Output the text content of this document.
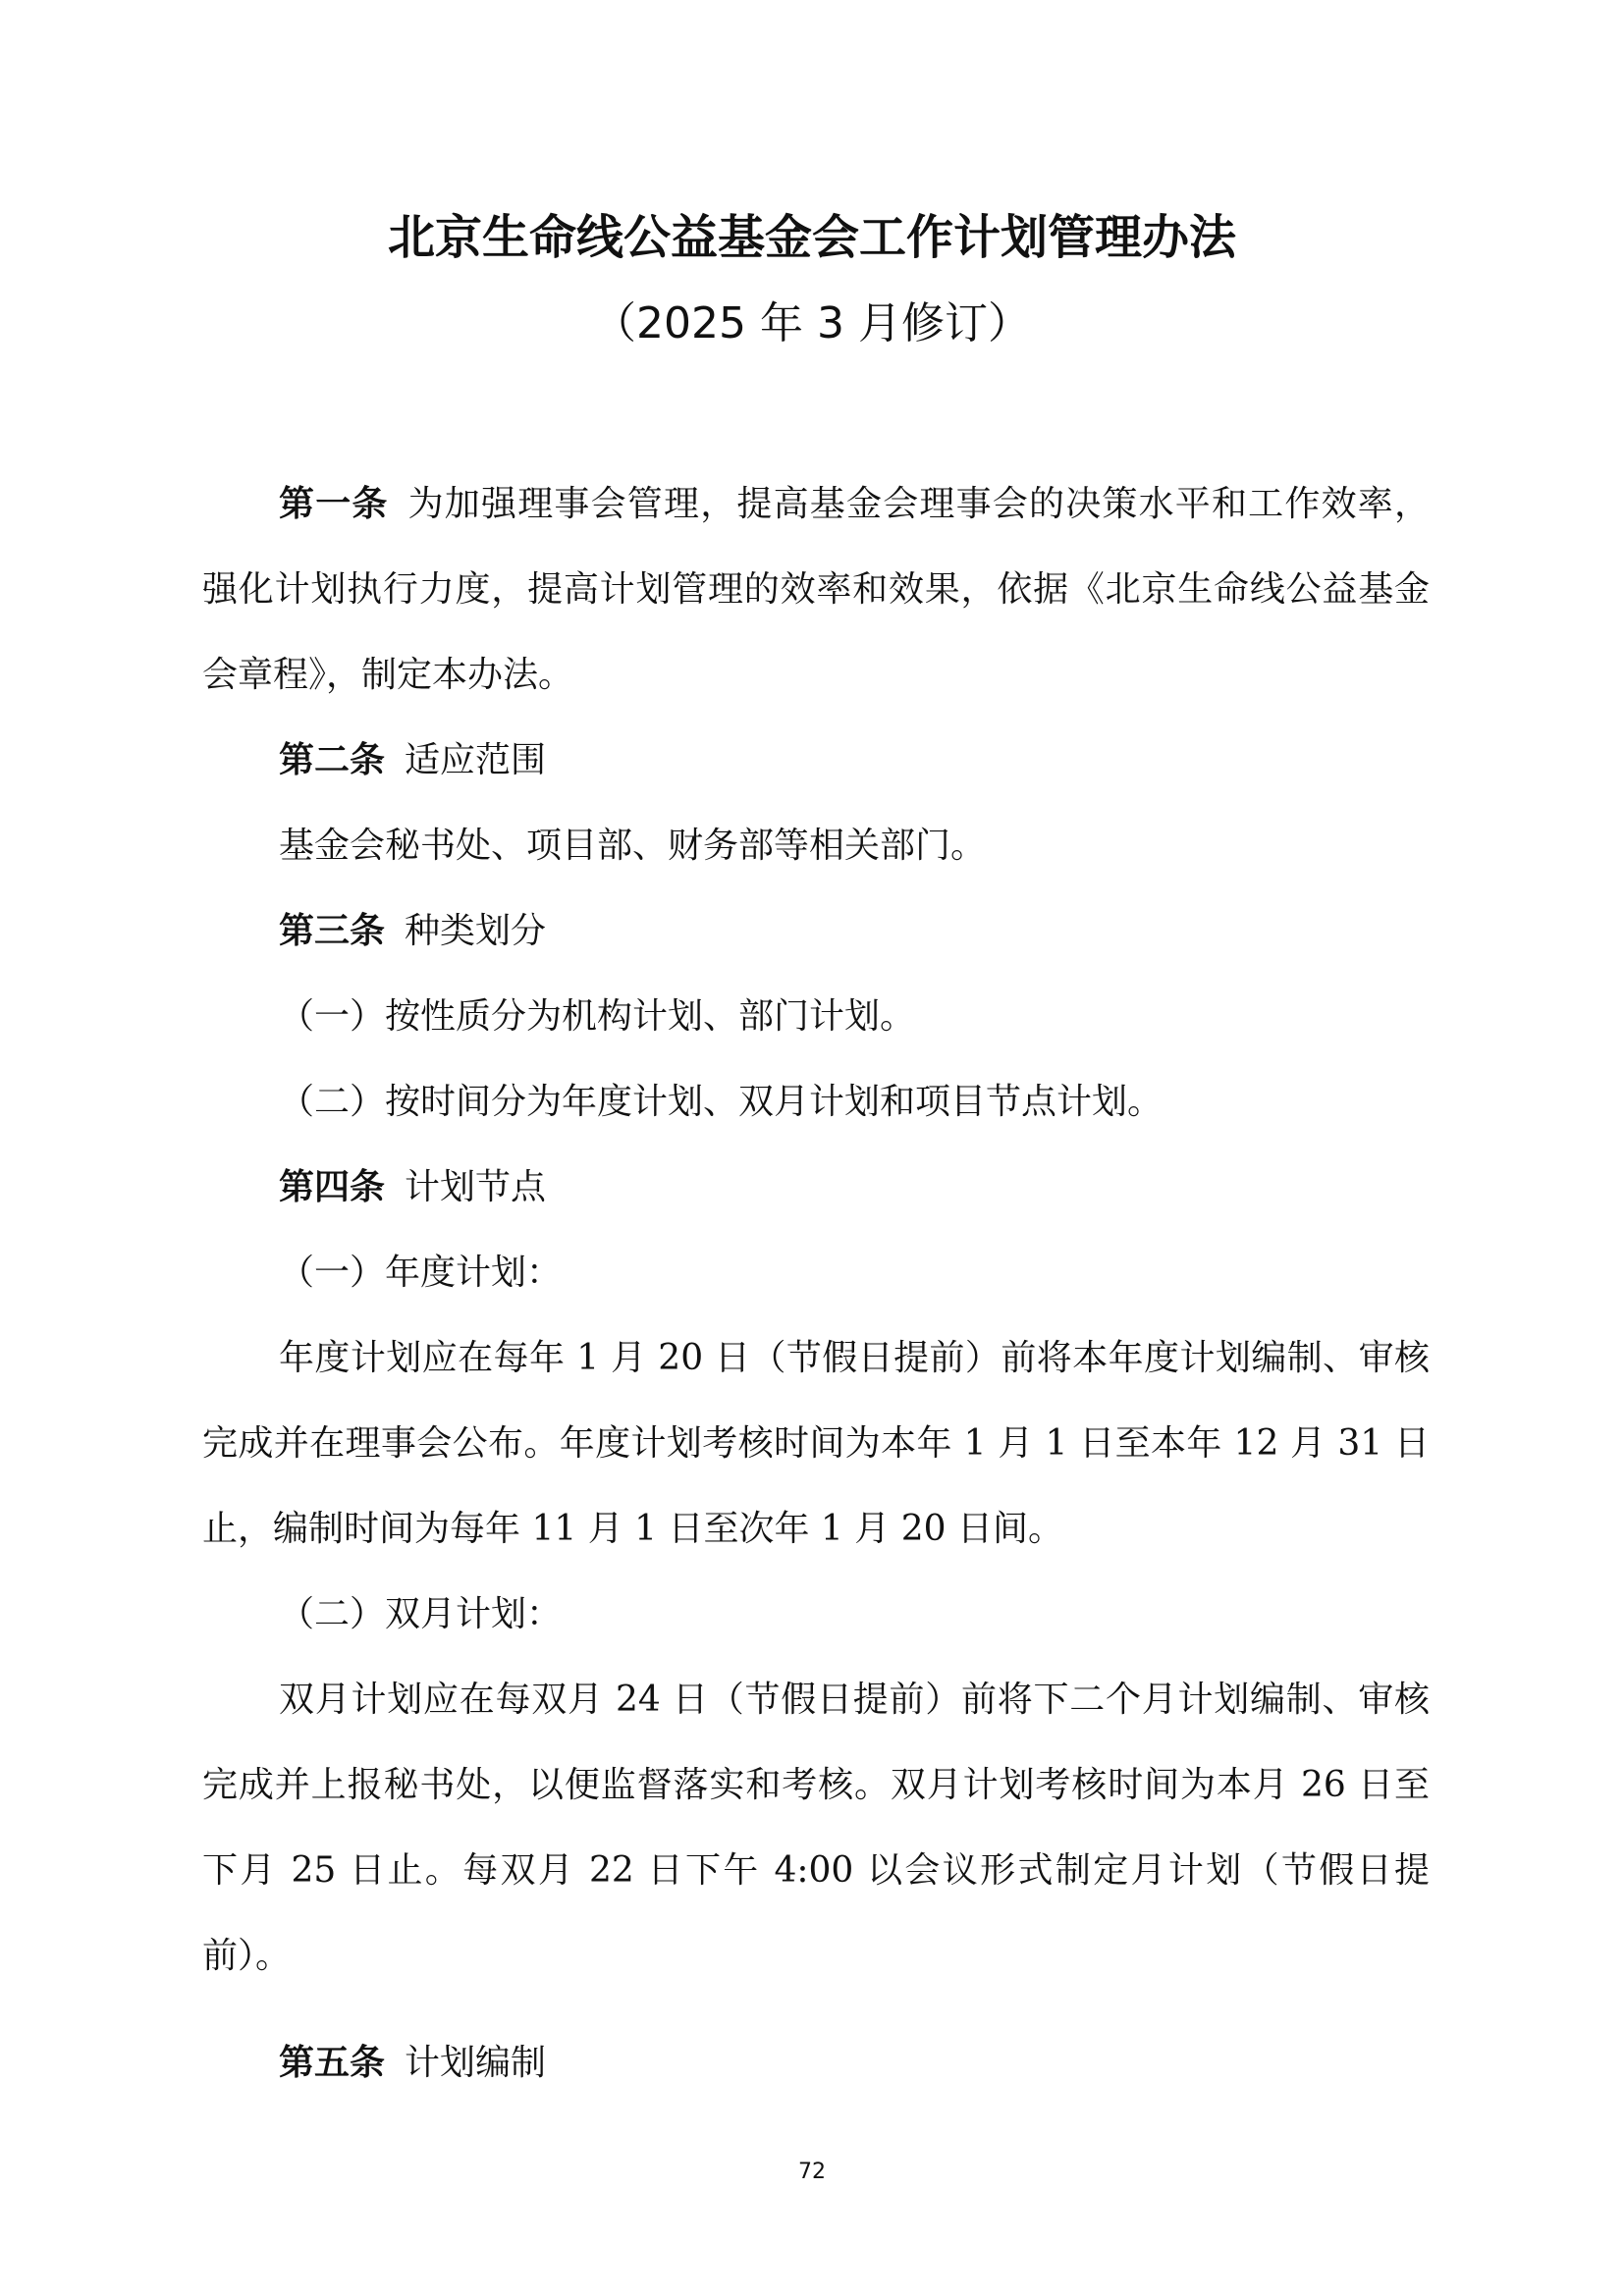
北京生命线公益基金会工作计划管理办法
（2025 年 3 月修订）

第一条 为加强理事会管理，提高基金会理事会的决策水平和工作效率，强化计划执行力度，提高计划管理的效率和效果，依据《北京生命线公益基金会章程》，制定本办法。

第二条 适应范围

基金会秘书处、项目部、财务部等相关部门。

第三条 种类划分

（一）按性质分为机构计划、部门计划。

（二）按时间分为年度计划、双月计划和项目节点计划。

第四条 计划节点

（一）年度计划：

年度计划应在每年 1 月 20 日（节假日提前）前将本年度计划编制、审核完成并在理事会公布。年度计划考核时间为本年 1 月 1 日至本年 12 月 31 日止，编制时间为每年 11 月 1 日至次年 1 月 20 日间。

（二）双月计划：

双月计划应在每双月 24 日（节假日提前）前将下二个月计划编制、审核完成并上报秘书处，以便监督落实和考核。双月计划考核时间为本月 26 日至下月 25 日止。每双月 22 日下午 4:00 以会议形式制定月计划（节假日提前）。

第五条 计划编制

72
